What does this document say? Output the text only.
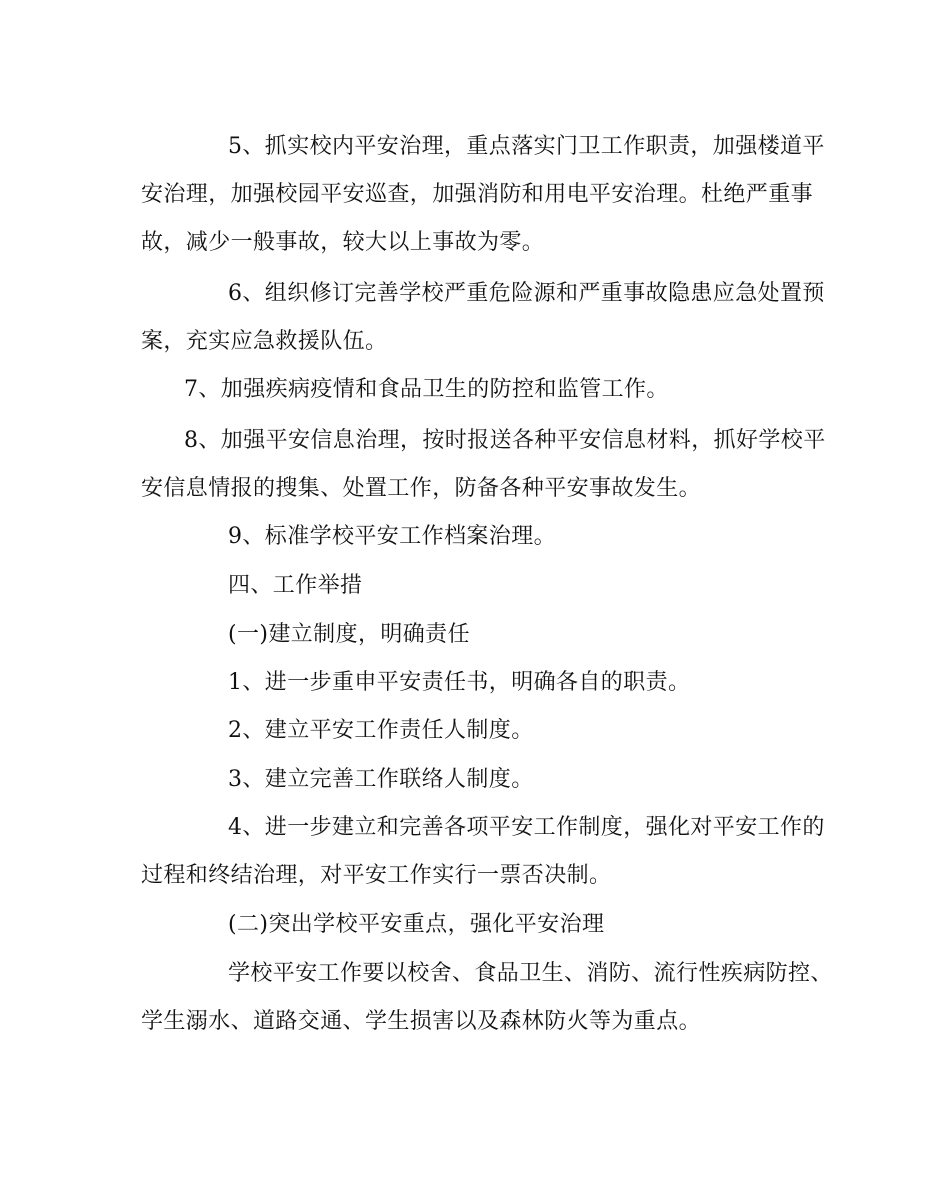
5、抓实校内平安治理，重点落实门卫工作职责，加强楼道平
安治理，加强校园平安巡查，加强消防和用电平安治理。杜绝严重事
故，减少一般事故，较大以上事故为零。
6、组织修订完善学校严重危险源和严重事故隐患应急处置预
案，充实应急救援队伍。
7、加强疾病疫情和食品卫生的防控和监管工作。
8、加强平安信息治理，按时报送各种平安信息材料，抓好学校平
安信息情报的搜集、处置工作，防备各种平安事故发生。
9、标准学校平安工作档案治理。
四、工作举措
(一)建立制度，明确责任
1、进一步重申平安责任书，明确各自的职责。
2、建立平安工作责任人制度。
3、建立完善工作联络人制度。
4、进一步建立和完善各项平安工作制度，强化对平安工作的
过程和终结治理，对平安工作实行一票否决制。
(二)突出学校平安重点，强化平安治理
学校平安工作要以校舍、食品卫生、消防、流行性疾病防控、
学生溺水、道路交通、学生损害以及森林防火等为重点。
